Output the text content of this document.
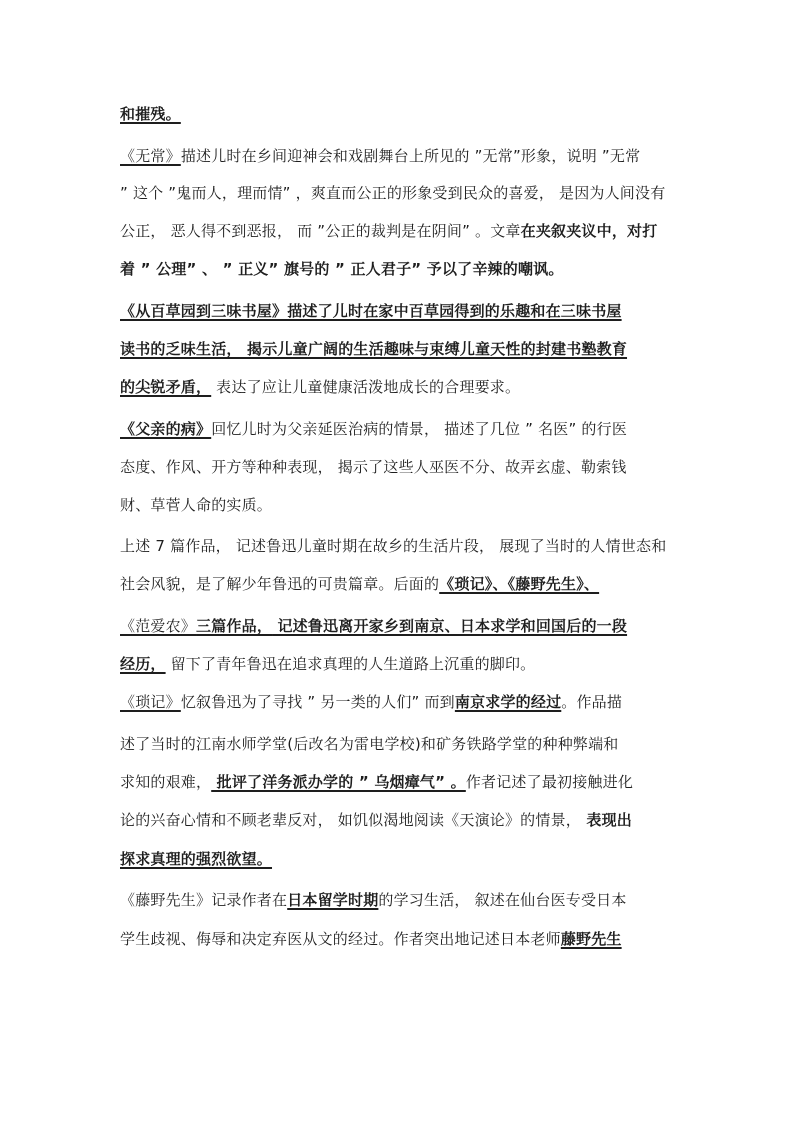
和摧残。
《无常》描述儿时在乡间迎神会和戏剧舞台上所见的 ”无常”形象，说明 ”无常
” 这个 ”鬼而人，理而情” ，爽直而公正的形象受到民众的喜爱， 是因为人间没有
公正， 恶人得不到恶报， 而 ”公正的裁判是在阴间” 。文章在夹叙夹议中，对打
着 ” 公理” 、 ” 正义” 旗号的 ” 正人君子” 予以了辛辣的嘲讽。
《从百草园到三味书屋》描述了儿时在家中百草园得到的乐趣和在三味书屋
读书的乏味生活， 揭示儿童广阔的生活趣味与束缚儿童天性的封建书塾教育
的尖锐矛盾， 表达了应让儿童健康活泼地成长的合理要求。
《父亲的病》回忆儿时为父亲延医治病的情景， 描述了几位 ” 名医” 的行医
态度、作风、开方等种种表现， 揭示了这些人巫医不分、故弄玄虚、勒索钱
财、草菅人命的实质。
上述 7 篇作品， 记述鲁迅儿童时期在故乡的生活片段， 展现了当时的人情世态和
社会风貌，是了解少年鲁迅的可贵篇章。后面的《琐记》、《藤野先生》、
《范爱农》三篇作品， 记述鲁迅离开家乡到南京、日本求学和回国后的一段
经历， 留下了青年鲁迅在追求真理的人生道路上沉重的脚印。
《琐记》忆叙鲁迅为了寻找 ” 另一类的人们” 而到南京求学的经过。作品描
述了当时的江南水师学堂(后改名为雷电学校)和矿务铁路学堂的种种弊端和
求知的艰难， 批评了洋务派办学的 ” 乌烟瘴气” 。作者记述了最初接触进化
论的兴奋心情和不顾老辈反对， 如饥似渴地阅读《天演论》的情景， 表现出
探求真理的强烈欲望。
《藤野先生》记录作者在日本留学时期的学习生活， 叙述在仙台医专受日本
学生歧视、侮辱和决定弃医从文的经过。作者突出地记述日本老师藤野先生
